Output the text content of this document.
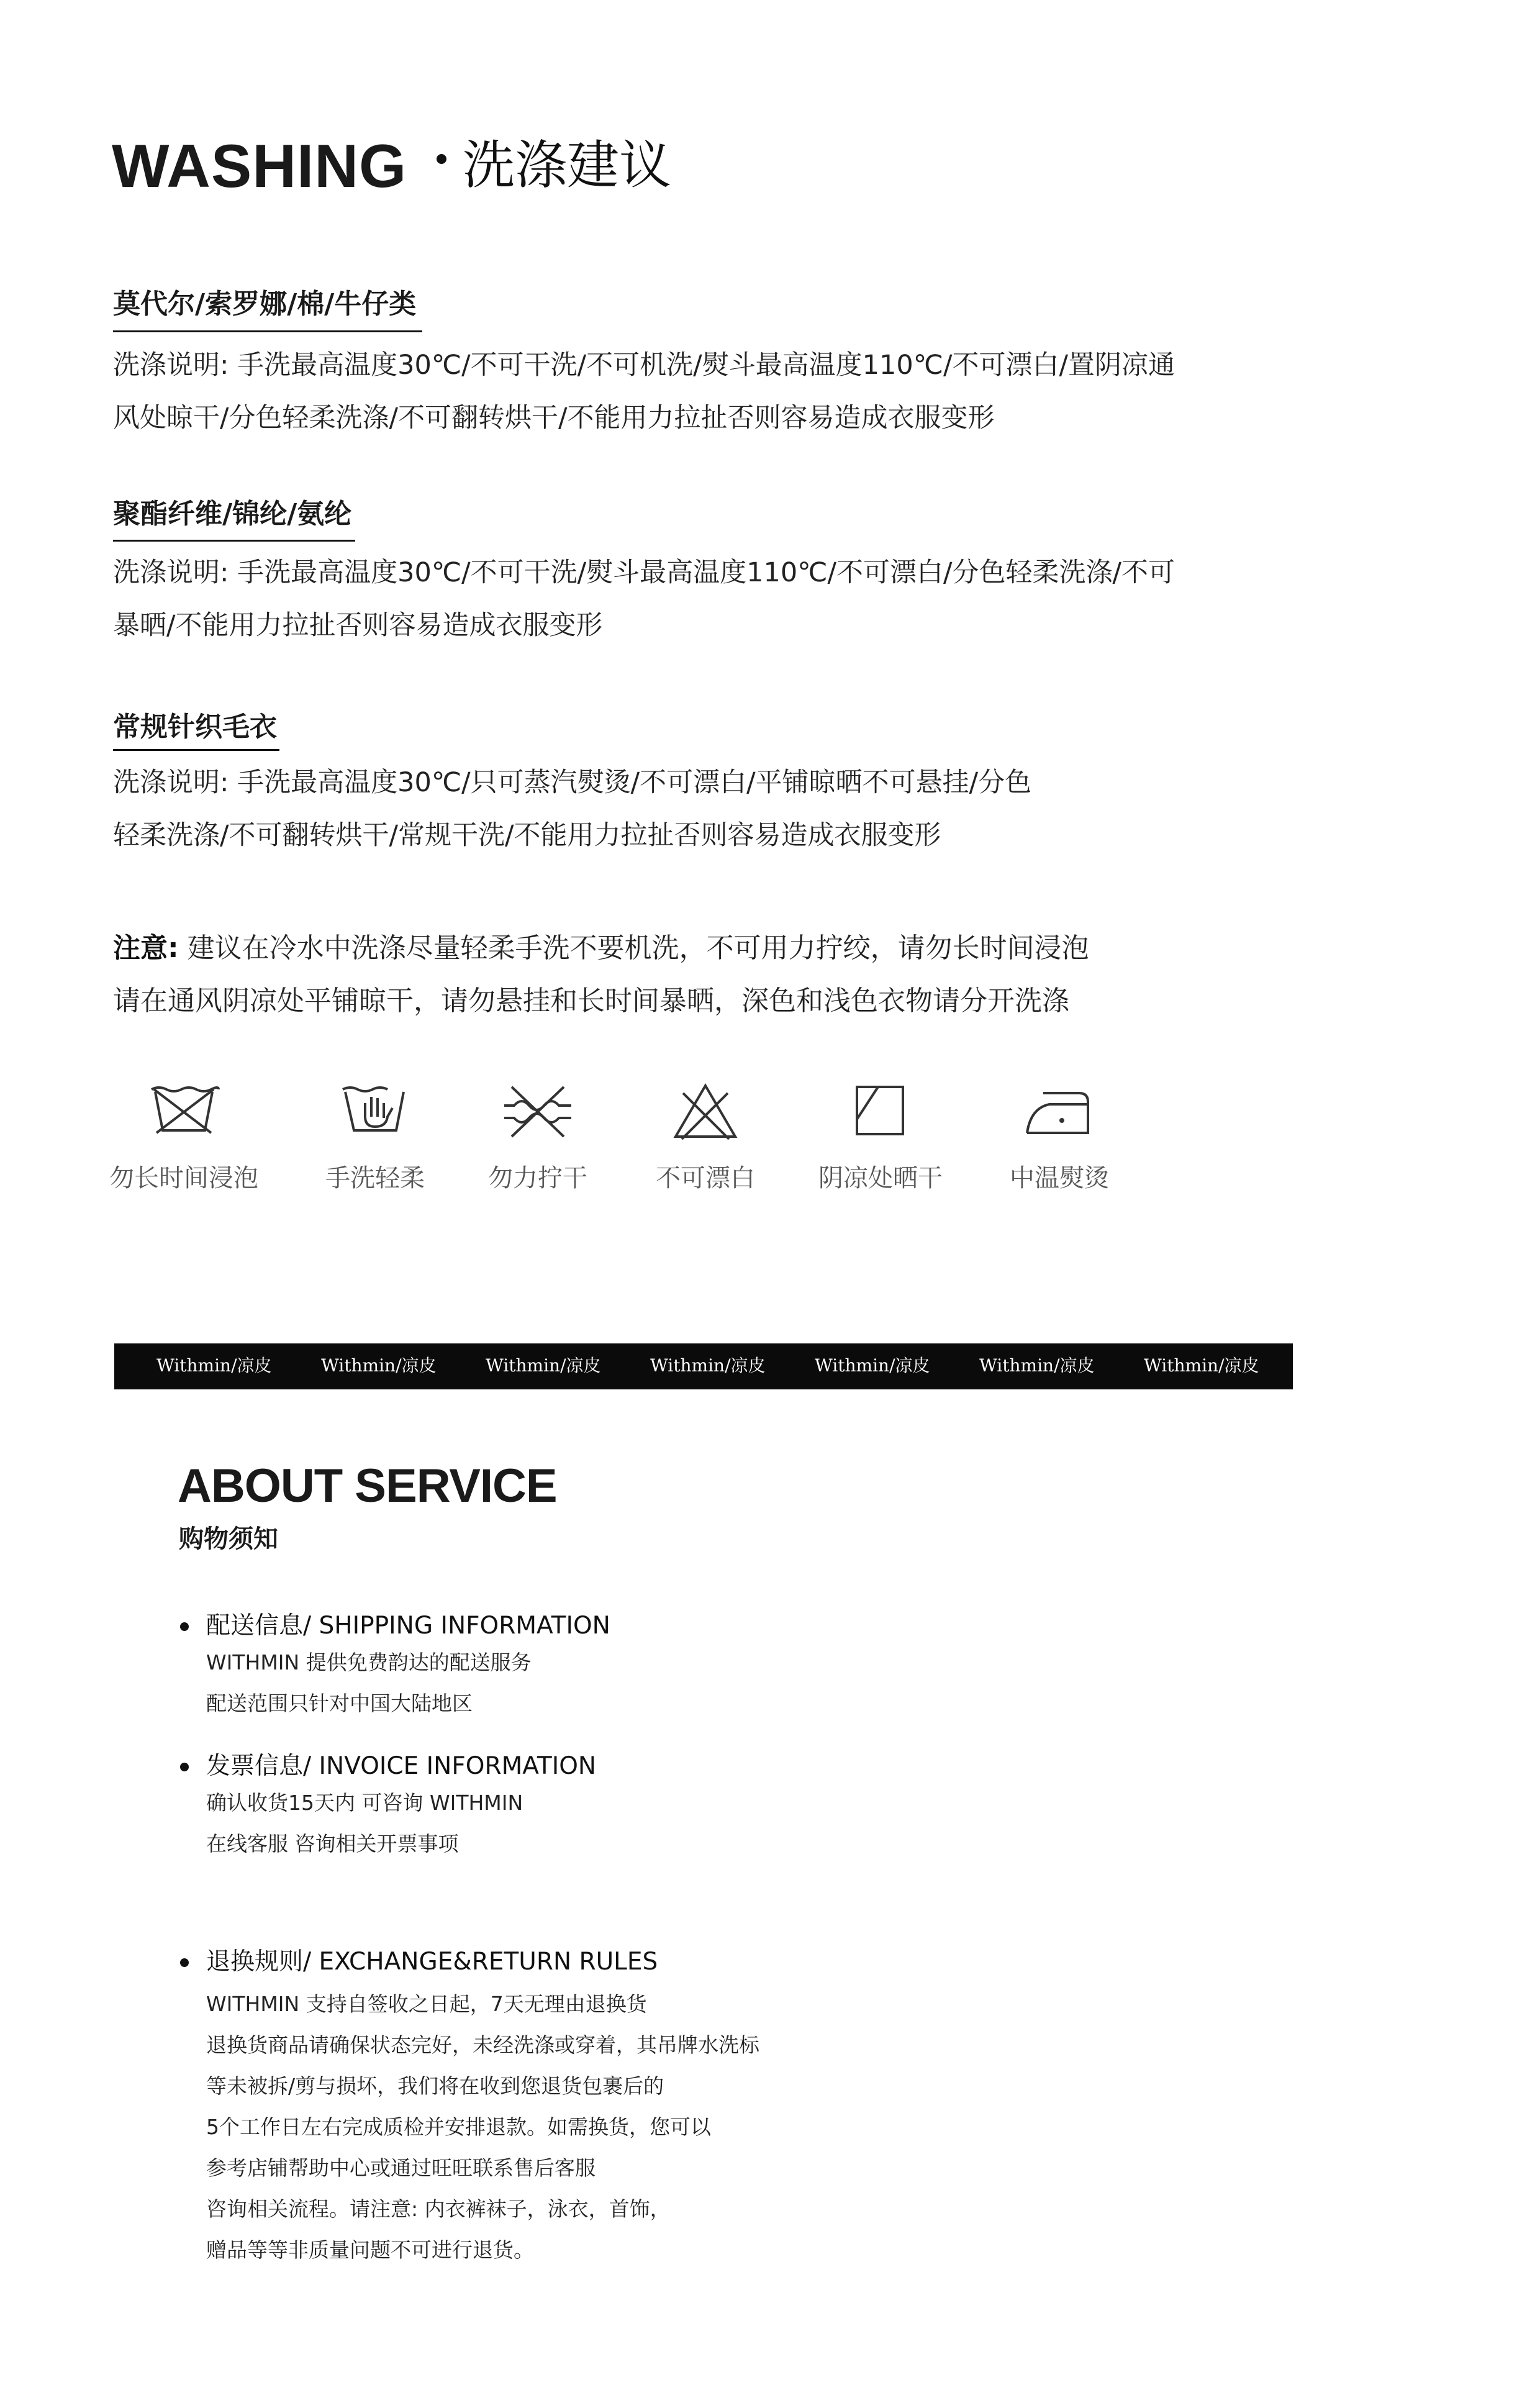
WASHING 洗涤建议
莫代尔/索罗娜/棉/牛仔类
洗涤说明: 手洗最高温度30℃/不可干洗/不可机洗/熨斗最高温度110℃/不可漂白/置阴凉通
风处晾干/分色轻柔洗涤/不可翻转烘干/不能用力拉扯否则容易造成衣服变形
聚酯纤维/锦纶/氨纶
洗涤说明: 手洗最高温度30℃/不可干洗/熨斗最高温度110℃/不可漂白/分色轻柔洗涤/不可
暴晒/不能用力拉扯否则容易造成衣服变形
常规针织毛衣
洗涤说明: 手洗最高温度30℃/只可蒸汽熨烫/不可漂白/平铺晾晒不可悬挂/分色
轻柔洗涤/不可翻转烘干/常规干洗/不能用力拉扯否则容易造成衣服变形
注意: 建议在冷水中洗涤尽量轻柔手洗不要机洗，不可用力拧绞，请勿长时间浸泡
请在通风阴凉处平铺晾干，请勿悬挂和长时间暴晒，深色和浅色衣物请分开洗涤
勿长时间浸泡	手洗轻柔	勿力拧干	不可漂白	阴凉处晒干	中温熨烫
Withmin/凉皮	Withmin/凉皮	Withmin/凉皮	Withmin/凉皮	Withmin/凉皮	Withmin/凉皮	Withmin/凉皮
ABOUT SERVICE
购物须知
配送信息/ SHIPPING INFORMATION
WITHMIN 提供免费韵达的配送服务
配送范围只针对中国大陆地区
发票信息/ INVOICE INFORMATION
确认收货15天内 可咨询 WITHMIN
在线客服 咨询相关开票事项
退换规则/ EXCHANGE&RETURN RULES
WITHMIN 支持自签收之日起，7天无理由退换货
退换货商品请确保状态完好，未经洗涤或穿着，其吊牌水洗标
等未被拆/剪与损坏，我们将在收到您退货包裹后的
5个工作日左右完成质检并安排退款。如需换货，您可以
参考店铺帮助中心或通过旺旺联系售后客服
咨询相关流程。请注意: 内衣裤袜子，泳衣，首饰，
赠品等等非质量问题不可进行退货。
